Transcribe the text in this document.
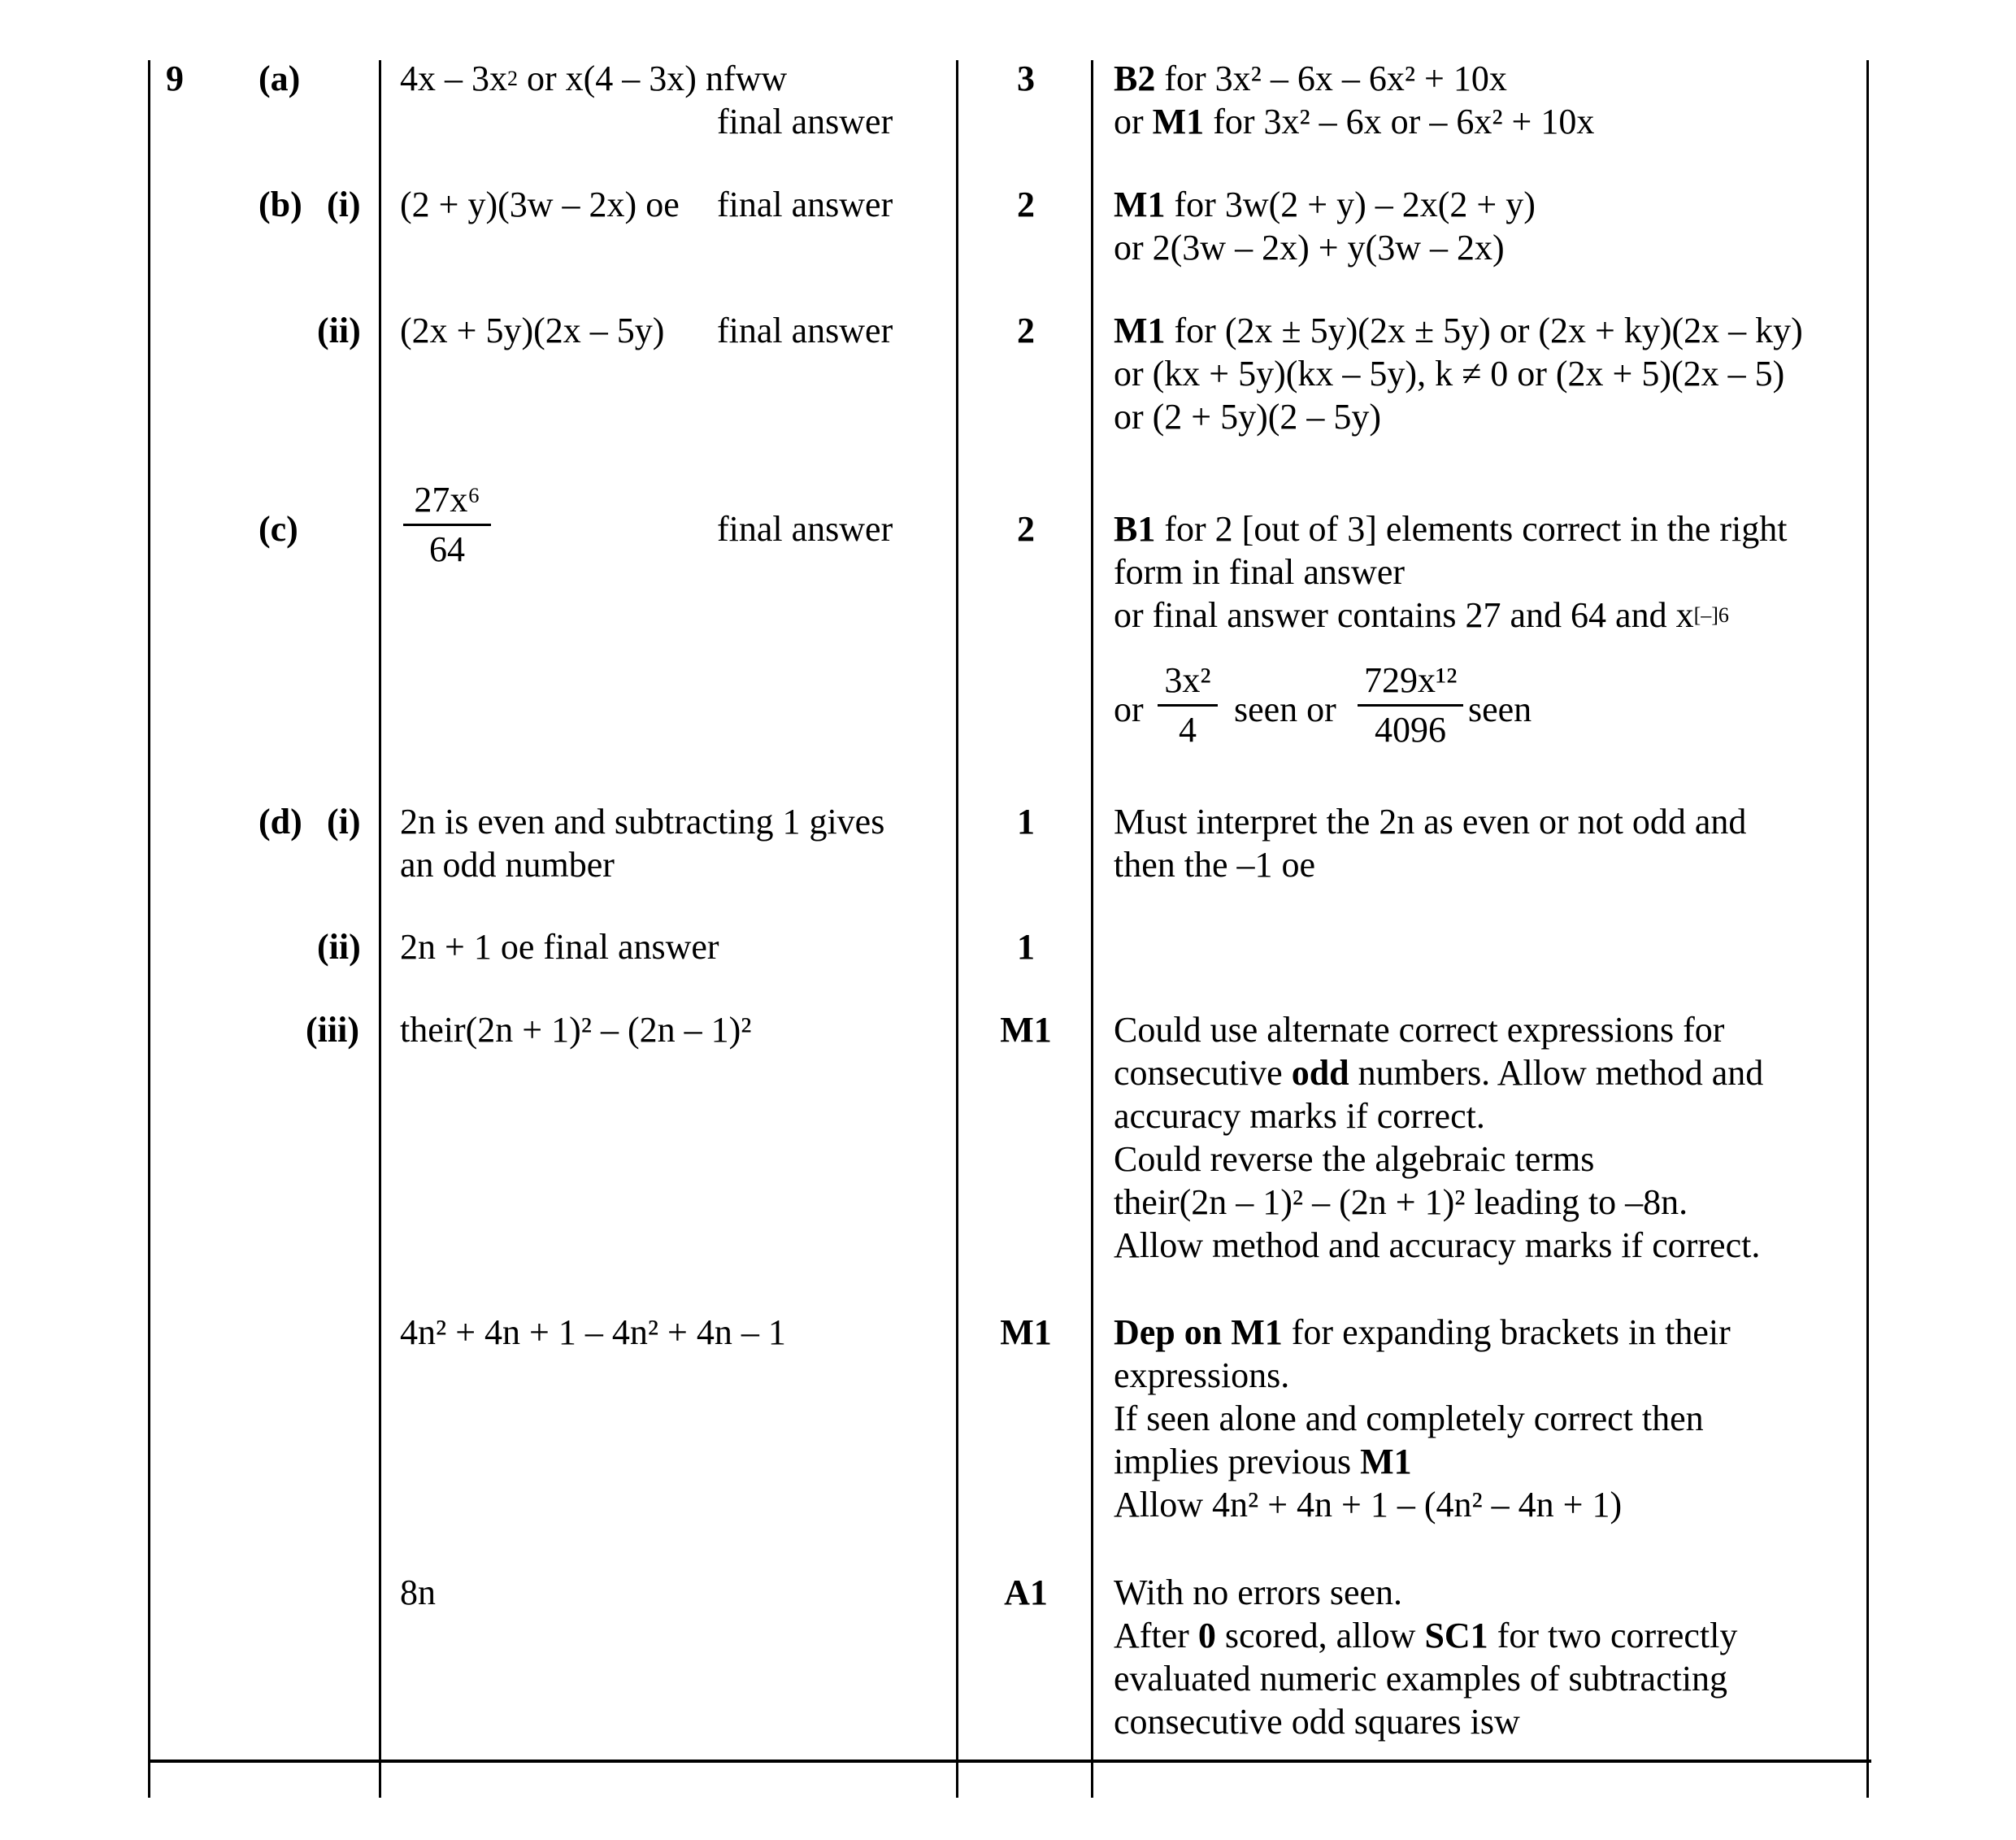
9 (a)	$4x - 3x^2$ or x(4 – 3x) nfww
final answer
3	B2 for 3x² – 6x – 6x² + 10x
or M1 for 3x² – 6x or – 6x² + 10x
(b) (i) (2 + y)(3w – 2x) oe final answer	2	M1 for 3w(2 + y) – 2x(2 + y)
or 2(3w – 2x) + y(3w – 2x)
(ii) (2x + 5y)(2x – 5y) final answer	2	M1 for (2x ± 5y)(2x ± 5y) or (2x + ky)(2x – ky)
or (kx + 5y)(kx – 5y), k ≠ 0 or (2x + 5)(2x – 5)
or (2 + 5y)(2 – 5y)
(c)	$\frac{\text{27x⁶}}{64}$	final answer	2	B1 for 2 [out of 3] elements correct in the right
form in final answer
or final answer contains 27 and 64 and $x^{[-]6}$
or $\frac{\text{3x²}}{4}$ seen or $\frac{\text{729x¹²}}{4096}$ seen
(d) (i) 2n is even and subtracting 1 gives
an odd number
1	Must interpret the 2n as even or not odd and
then the –1 oe
(ii) 2n + 1 oe final answer	1
(iii) their(2n + 1)² – (2n – 1)²	M1	Could use alternate correct expressions for
consecutive odd numbers. Allow method and
accuracy marks if correct.
Could reverse the algebraic terms
their(2n – 1)² – (2n + 1)² leading to –8n.
Allow method and accuracy marks if correct.
4n² + 4n + 1 – 4n² + 4n – 1	M1	Dep on M1 for expanding brackets in their
expressions.
If seen alone and completely correct then
implies previous M1
Allow 4n² + 4n + 1 – (4n² – 4n + 1)
8n	A1	With no errors seen.
After 0 scored, allow SC1 for two correctly
evaluated numeric examples of subtracting
consecutive odd squares isw
